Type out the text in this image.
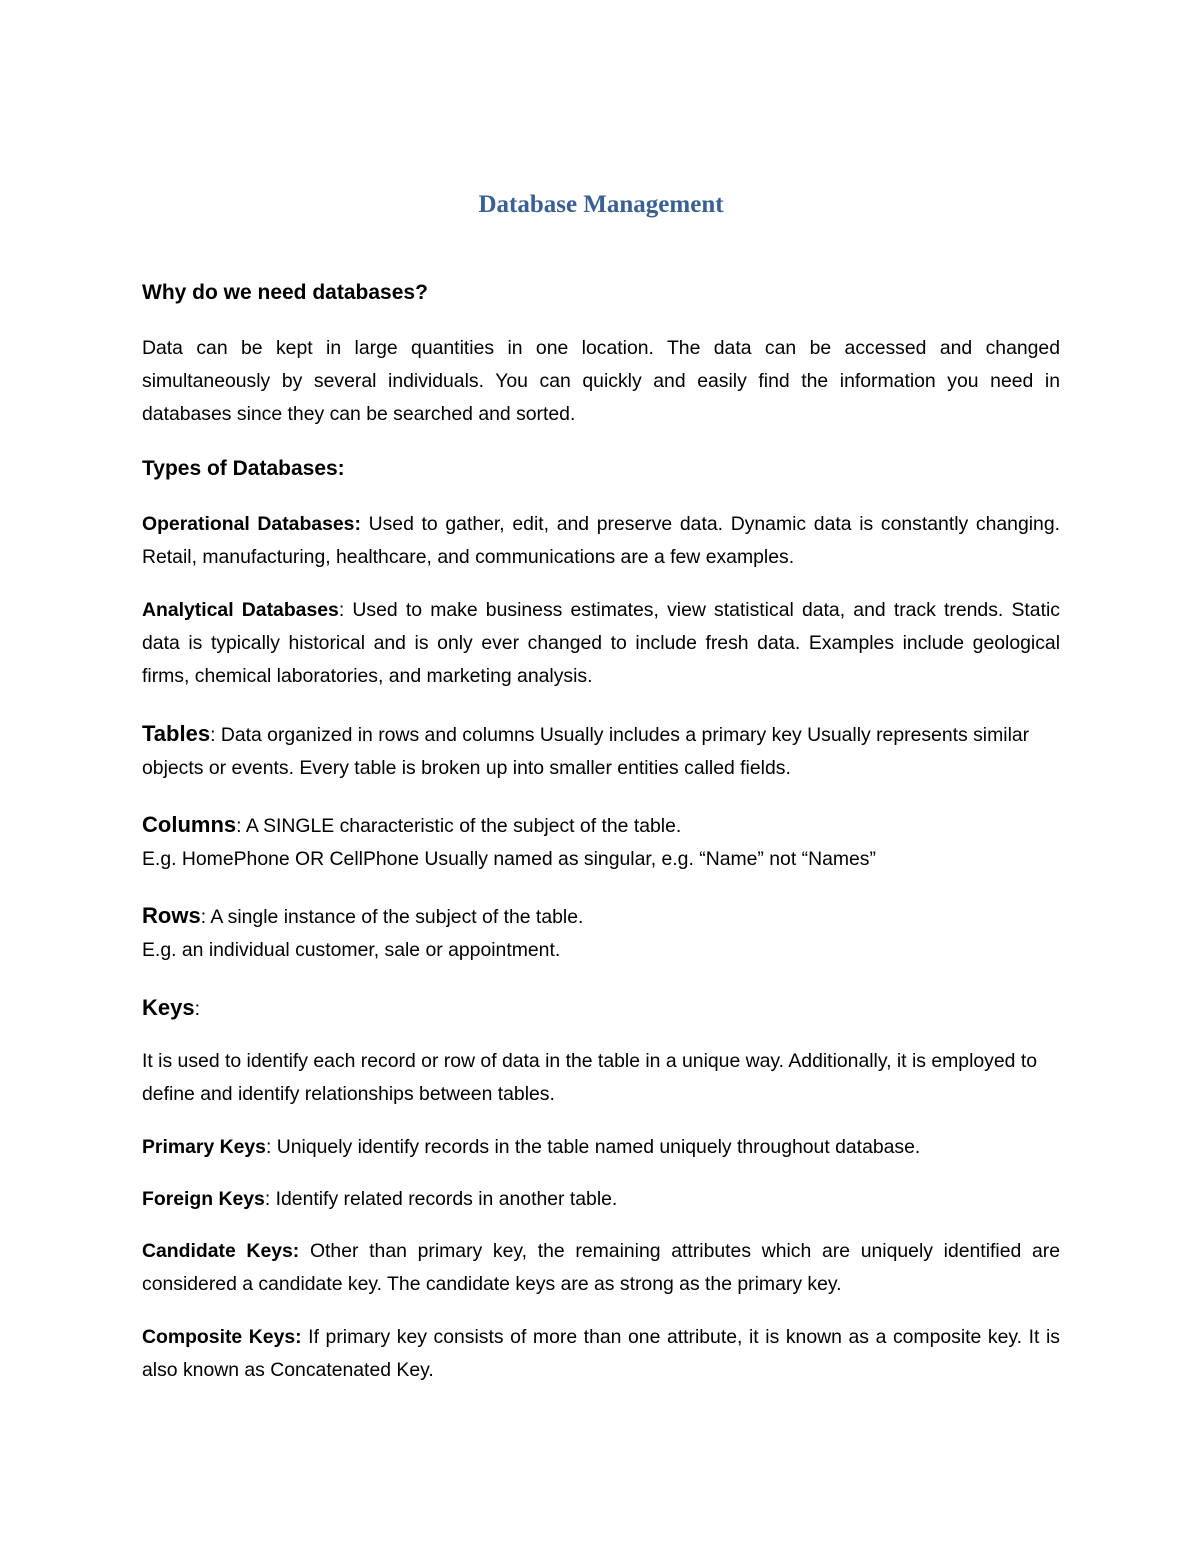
Database Management
Why do we need databases?

Data can be kept in large quantities in one location. The data can be accessed and changed simultaneously by several individuals. You can quickly and easily find the information you need in databases since they can be searched and sorted.

Types of Databases:

Operational Databases: Used to gather, edit, and preserve data. Dynamic data is constantly changing. Retail, manufacturing, healthcare, and communications are a few examples.

Analytical Databases: Used to make business estimates, view statistical data, and track trends. Static data is typically historical and is only ever changed to include fresh data. Examples include geological firms, chemical laboratories, and marketing analysis.

Tables: Data organized in rows and columns Usually includes a primary key Usually represents similar objects or events. Every table is broken up into smaller entities called fields.

Columns: A SINGLE characteristic of the subject of the table.
E.g. HomePhone OR CellPhone Usually named as singular, e.g. “Name” not “Names”

Rows: A single instance of the subject of the table.
E.g. an individual customer, sale or appointment.

Keys:

It is used to identify each record or row of data in the table in a unique way. Additionally, it is employed to define and identify relationships between tables.

Primary Keys: Uniquely identify records in the table named uniquely throughout database.

Foreign Keys: Identify related records in another table.

Candidate Keys: Other than primary key, the remaining attributes which are uniquely identified are considered a candidate key. The candidate keys are as strong as the primary key.

Composite Keys: If primary key consists of more than one attribute, it is known as a composite key. It is also known as Concatenated Key.
